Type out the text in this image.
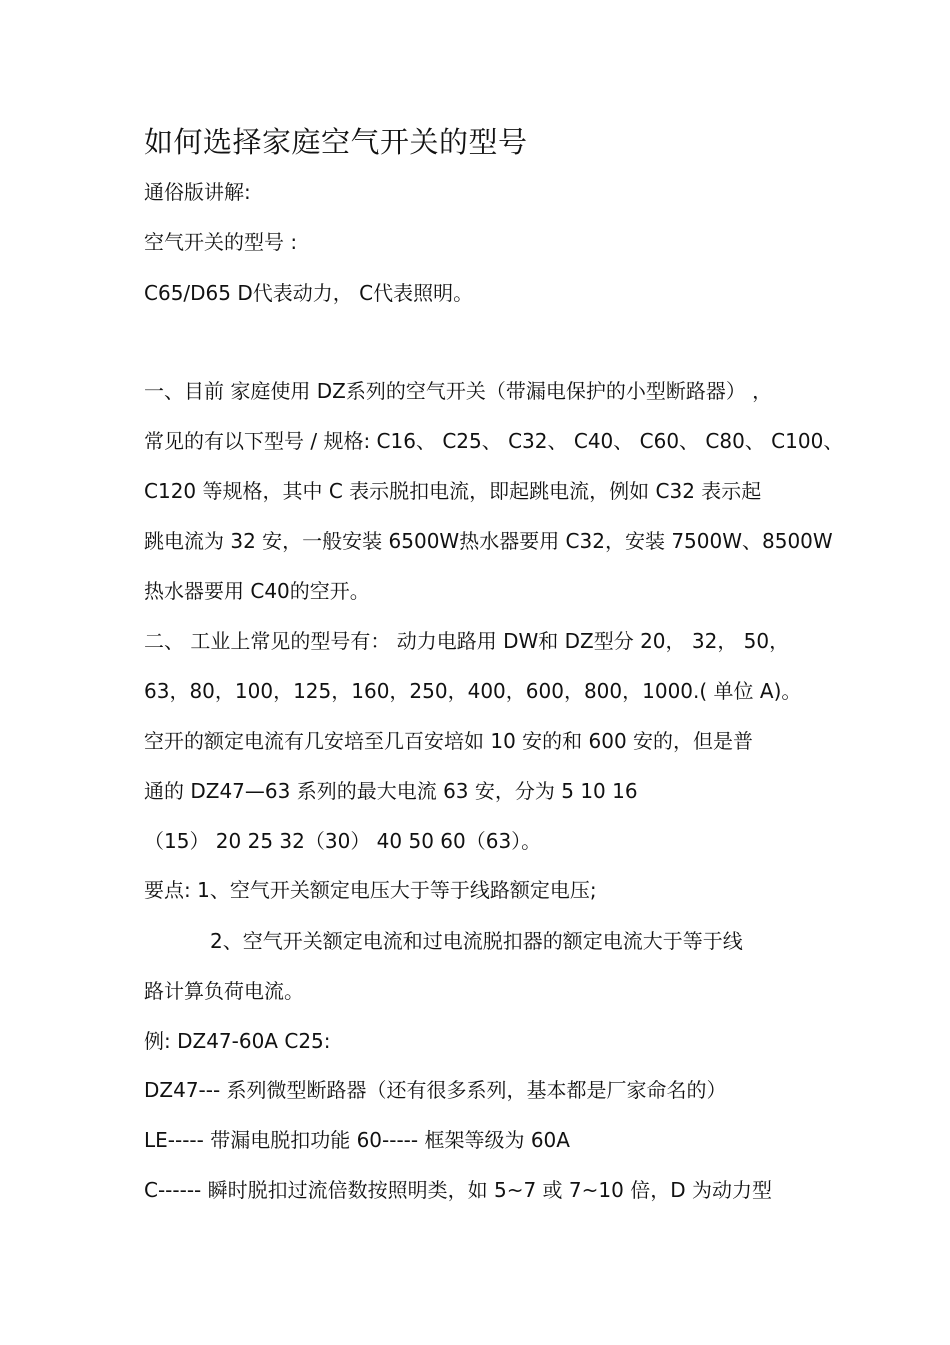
如何选择家庭空气开关的型号
通俗版讲解:
空气开关的型号 :
C65/D65 D代表动力， C代表照明。
一、目前 家庭使用 DZ系列的空气开关（带漏电保护的小型断路器） ，
常见的有以下型号 / 规格: C16、 C25、 C32、 C40、 C60、 C80、 C100、
C120 等规格，其中 C 表示脱扣电流，即起跳电流，例如 C32 表示起
跳电流为 32 安，一般安装 6500W热水器要用 C32，安装 7500W、8500W
热水器要用 C40的空开。
二、 工业上常见的型号有： 动力电路用 DW和 DZ型分 20， 32， 50，
63，80，100，125，160，250，400，600，800，1000.( 单位 A)。
空开的额定电流有几安培至几百安培如 10 安的和 600 安的，但是普
通的 DZ47—63 系列的最大电流 63 安，分为 5 10 16
（15） 20 25 32（30） 40 50 60（63）。
要点: 1、空气开关额定电压大于等于线路额定电压;
2、空气开关额定电流和过电流脱扣器的额定电流大于等于线
路计算负荷电流。
例: DZ47-60A C25:
DZ47--- 系列微型断路器（还有很多系列，基本都是厂家命名的）
LE----- 带漏电脱扣功能 60----- 框架等级为 60A
C------ 瞬时脱扣过流倍数按照明类，如 5~7 或 7~10 倍，D 为动力型
